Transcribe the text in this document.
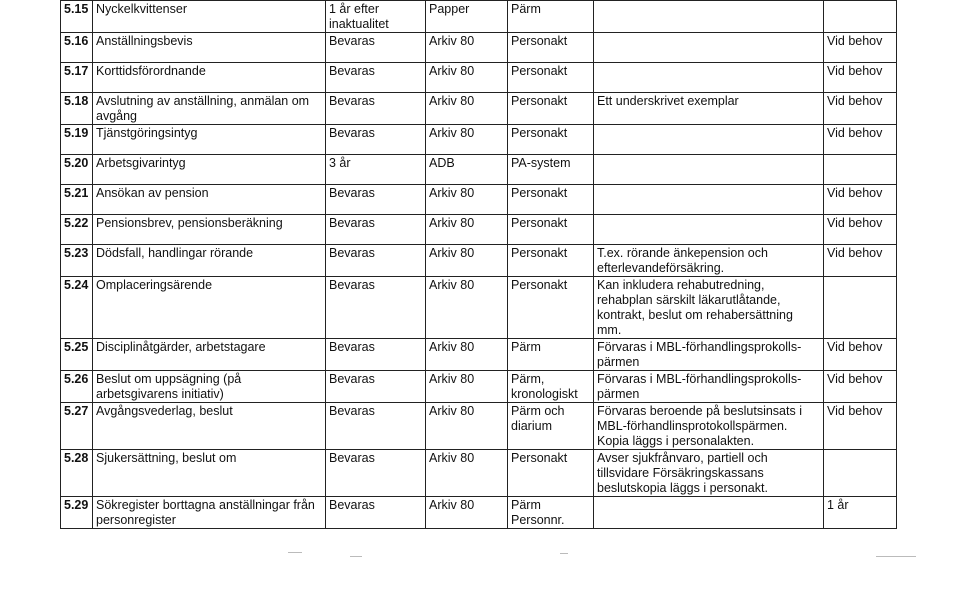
5.15	Nyckelkvittenser	1 år efter inaktualitet	Papper	Pärm		
5.16	Anställningsbevis	Bevaras	Arkiv 80	Personakt		Vid behov
5.17	Korttidsförordnande	Bevaras	Arkiv 80	Personakt		Vid behov
5.18	Avslutning av anställning, anmälan om avgång	Bevaras	Arkiv 80	Personakt	Ett underskrivet exemplar	Vid behov
5.19	Tjänstgöringsintyg	Bevaras	Arkiv 80	Personakt		Vid behov
5.20	Arbetsgivarintyg	3 år	ADB	PA-system		
5.21	Ansökan av pension	Bevaras	Arkiv 80	Personakt		Vid behov
5.22	Pensionsbrev, pensionsberäkning	Bevaras	Arkiv 80	Personakt		Vid behov
5.23	Dödsfall, handlingar rörande	Bevaras	Arkiv 80	Personakt	T.ex. rörande änkepension och efterlevandeförsäkring.	Vid behov
5.24	Omplaceringsärende	Bevaras	Arkiv 80	Personakt	Kan inkludera rehabutredning, rehabplan särskilt läkarutlåtande, kontrakt, beslut om rehabersättning mm.	
5.25	Disciplinåtgärder, arbetstagare	Bevaras	Arkiv 80	Pärm	Förvaras i MBL-förhandlingsprokolls-pärmen	Vid behov
5.26	Beslut om uppsägning (på arbetsgivarens initiativ)	Bevaras	Arkiv 80	Pärm, kronologiskt	Förvaras i MBL-förhandlingsprokolls-pärmen	Vid behov
5.27	Avgångsvederlag, beslut	Bevaras	Arkiv 80	Pärm och diarium	Förvaras beroende på beslutsinsats i MBL-förhandlinsprotokollspärmen. Kopia läggs i personalakten.	Vid behov
5.28	Sjukersättning, beslut om	Bevaras	Arkiv 80	Personakt	Avser sjukfrånvaro, partiell och tillsvidare Försäkringskassans beslutskopia läggs i personakt.	
5.29	Sökregister borttagna anställningar från personregister	Bevaras	Arkiv 80	Pärm Personnr.		1 år
